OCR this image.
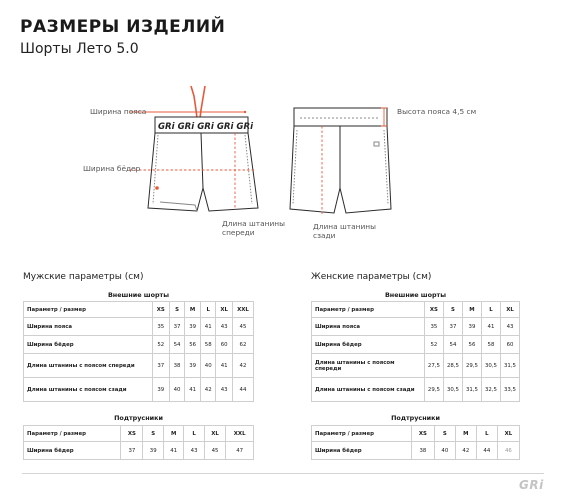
РАЗМЕРЫ ИЗДЕЛИЙ
Шорты Лето 5.0
GRi GRi GRi GRi GRi
Ширина пояса
Ширина бёдер
Длина штанины
спереди
Высота пояса 4,5 см
Длина штанины
сзади
Мужские параметры (см)
Внешние шорты
Параметр / размер	XS	S	M	L	XL	XXL
Ширина пояса	35	37	39	41	43	45
Ширина бёдер	52	54	56	58	60	62
Длина штанины с поясом спереди	37	38	39	40	41	42
Длина штанины с поясом сзади	39	40	41	42	43	44
Подтрусники
Параметр / размер	XS	S	M	L	XL	XXL
Ширина бёдер	37	39	41	43	45	47
Женские параметры (см)
Внешние шорты
Параметр / размер	XS	S	M	L	XL
Ширина пояса	35	37	39	41	43
Ширина бёдер	52	54	56	58	60
Длина штанины с поясом спереди	27,5	28,5	29,5	30,5	31,5
Длина штанины с поясом сзади	29,5	30,5	31,5	32,5	33,5
Подтрусники
Параметр / размер	XS	S	M	L	XL
Ширина бёдер	38	40	42	44	46
GRi
